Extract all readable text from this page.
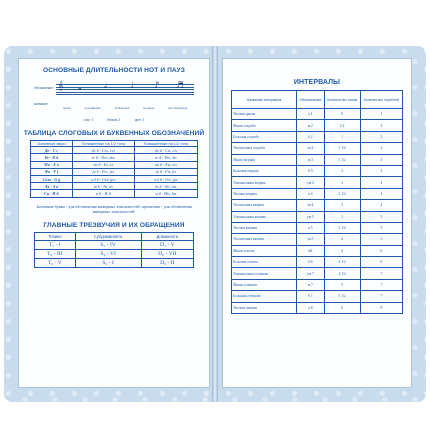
ОСНОВНЫЕ ДЛИТЕЛЬНОСТИ НОТ И ПАУЗ
обозначение
название
𝄞 𝅝 𝅗𝅥	♩ ♪ ♬
целая	половинная	четвертная	восьмая	шестнадцатая
такт 1	бемоль 1	диез 1
ТАБЛИЦА СЛОГОВЫХ И БУКВЕННЫХ ОБОЗНАЧЕНИЙ
Основные звуки	Пониженные на 1/2 тона	Повышенные на 1/2 тона
До - С c	do b - Ces, ces	do # - Cis, cis
Ре - D d	re b - Des, des	re # - Dis, dis
Ми - E e	mi b - Es, es	mi # - Eis, eis
Фа - F f	fa b - Fes, fes	fa # - Fis, fis
Соль - G g	sol b - Ges, ges	sol # - Gis, gis
Ля - A a	la b - As, as	la # - Ais, ais
Си - H h	si b - B, b	si # - His, his
Заглавные буквы - для обозначения мажорных тональностей, прописные - для обозначения минорных тональностей.
ГЛАВНЫЕ ТРЕЗВУЧИЯ И ИХ ОБРАЩЕНИЯ
Тоника	Субдоминанта	Доминанта
T₅ - I	S₅ - IV	D₅ - V
T₆ - III	S₆ - VI	D₆ - VII
T₆ - V	S₆ - I	D₆ - II
ИНТЕРВАЛЫ
Название интервала	Обозначение	Количество тонов	Количество ступеней
Чистая прима	ч.1	0	1
Малая секунда	м.2	1/2	2
Большая секунда	б.2	1	2
Увеличенная секунда	ув.2	1 1/2	2
Малая терция	м.3	1 1/2	3
Большая терция	б.3	2	3
Уменьшенная кварта	ум.4	2	4
Чистая кварта	ч.4	2 1/2	4
Увеличенная кварта	ув.4	3	4
Уменьшенная квинта	ум.5	3	5
Чистая квинта	ч.5	3 1/2	5
Увеличенная квинта	ув.5	4	5
Малая секста	м6	4	6
Большая секста	б.6	4 1/2	6
Уменьшенная септима	ум.7	4 1/2	7
Малая септима	м.7	5	7
Большая септима	б.7	5 1/2	7
Чистая октава	ч.8	6	8
